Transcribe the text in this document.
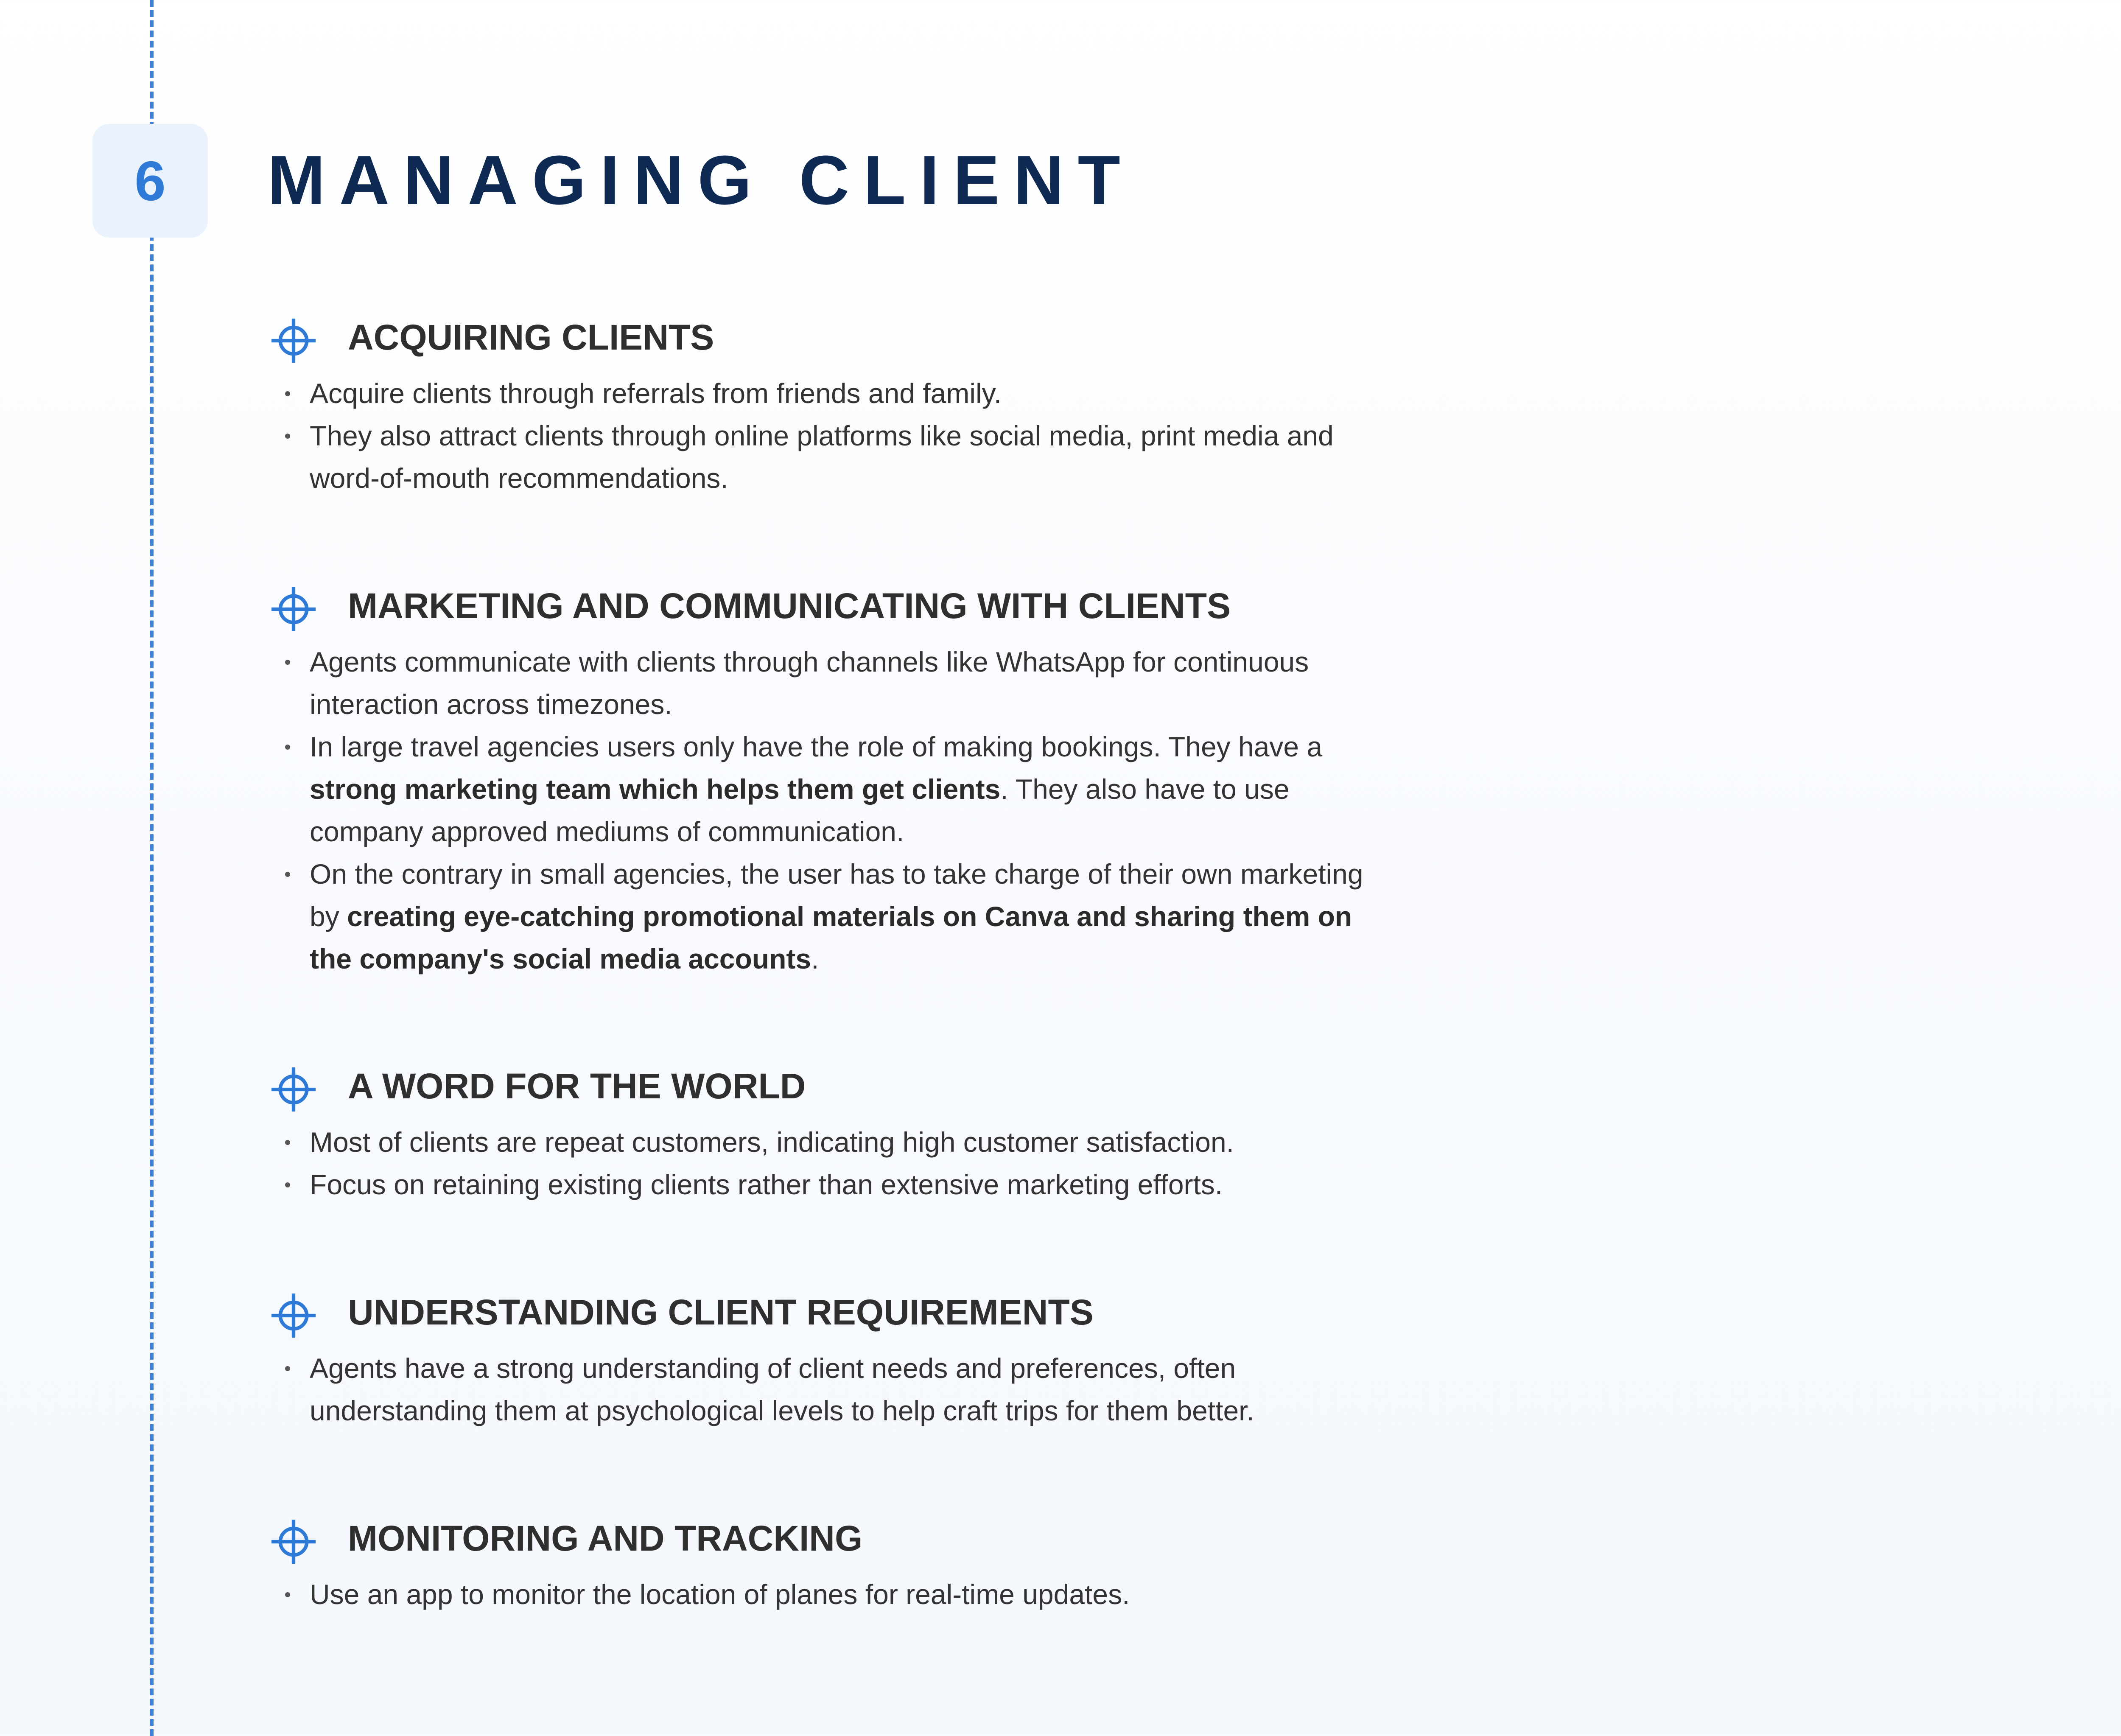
6 MANAGING CLIENT
ACQUIRING CLIENTS
Acquire clients through referrals from friends and family.
They also attract clients through online platforms like social media, print media and word-of-mouth recommendations.
MARKETING AND COMMUNICATING WITH CLIENTS
Agents communicate with clients through channels like WhatsApp for continuous interaction across timezones.
In large travel agencies users only have the role of making bookings. They have a strong marketing team which helps them get clients. They also have to use company approved mediums of communication.
On the contrary in small agencies, the user has to take charge of their own marketing by creating eye-catching promotional materials on Canva and sharing them on the company's social media accounts.
A WORD FOR THE WORLD
Most of clients are repeat customers, indicating high customer satisfaction.
Focus on retaining existing clients rather than extensive marketing efforts.
UNDERSTANDING CLIENT REQUIREMENTS
Agents have a strong understanding of client needs and preferences, often understanding them at psychological levels to help craft trips for them better.
MONITORING AND TRACKING
Use an app to monitor the location of planes for real-time updates.
